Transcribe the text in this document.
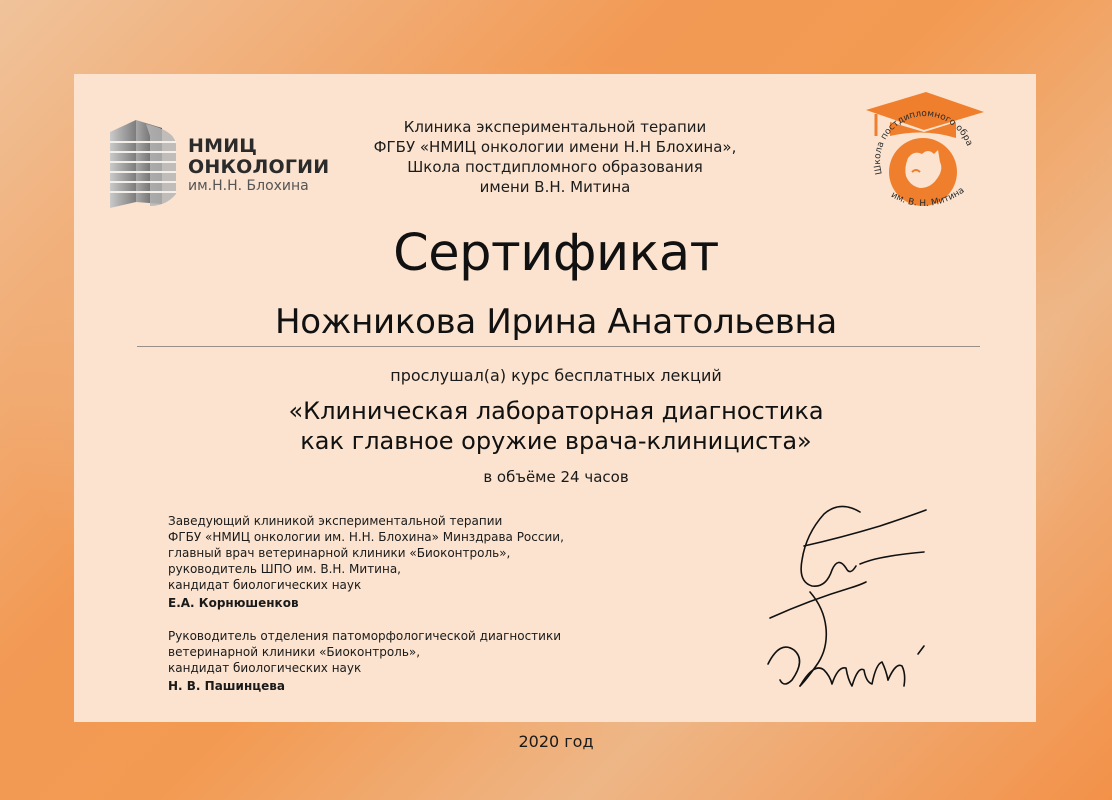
НМИЦ
ОНКОЛОГИИ
им.Н.Н. Блохина
Клиника экспериментальной терапии
ФГБУ «НМИЦ онкологии имени Н.Н Блохина»,
Школа постдипломного образования
имени В.Н. Митина
Школа постдипломного обра
им. В. Н. Митина
Сертификат
Ножникова Ирина Анатольевна
прослушал(а) курс бесплатных лекций
«Клиническая лабораторная диагностика
как главное оружие врача-клинициста»
в объёме 24 часов
Заведующий клиникой экспериментальной терапии
ФГБУ «НМИЦ онкологии им. Н.Н. Блохина» Минздрава России,
главный врач ветеринарной клиники «Биоконтроль»,
руководитель ШПО им. В.Н. Митина,
кандидат биологических наук
Е.А. Корнюшенков
Руководитель отделения патоморфологической диагностики
ветеринарной клиники «Биоконтроль»,
кандидат биологических наук
Н. В. Пашинцева
2020 год
